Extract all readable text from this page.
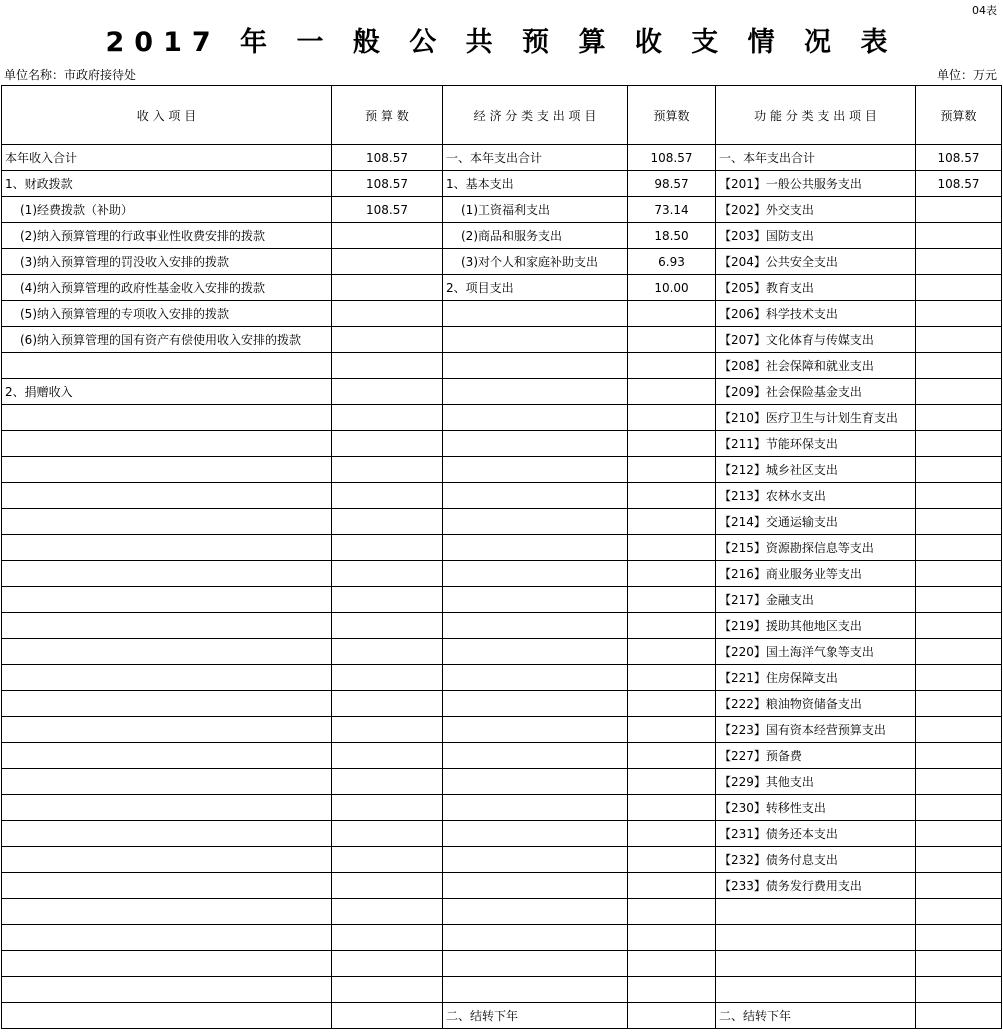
04表
2017 年 一 般 公 共 预 算 收 支 情 况 表
单位名称：市政府接待处	单位：万元
收 入 项 目	预 算 数	经 济 分 类 支 出 项 目	预算数	功 能 分 类 支 出 项 目	预算数
本年收入合计	108.57	一、本年支出合计	108.57	一、本年支出合计	108.57
1、财政拨款	108.57	1、基本支出	98.57	【201】一般公共服务支出	108.57
(1)经费拨款（补助）	108.57	(1)工资福利支出	73.14	【202】外交支出	
(2)纳入预算管理的行政事业性收费安排的拨款		(2)商品和服务支出	18.50	【203】国防支出	
(3)纳入预算管理的罚没收入安排的拨款		(3)对个人和家庭补助支出	6.93	【204】公共安全支出	
(4)纳入预算管理的政府性基金收入安排的拨款		2、项目支出	10.00	【205】教育支出	
(5)纳入预算管理的专项收入安排的拨款				【206】科学技术支出	
(6)纳入预算管理的国有资产有偿使用收入安排的拨款				【207】文化体育与传媒支出	
				【208】社会保障和就业支出	
2、捐赠收入				【209】社会保险基金支出	
				【210】医疗卫生与计划生育支出	
				【211】节能环保支出	
				【212】城乡社区支出	
				【213】农林水支出	
				【214】交通运输支出	
				【215】资源勘探信息等支出	
				【216】商业服务业等支出	
				【217】金融支出	
				【219】援助其他地区支出	
				【220】国土海洋气象等支出	
				【221】住房保障支出	
				【222】粮油物资储备支出	
				【223】国有资本经营预算支出	
				【227】预备费	
				【229】其他支出	
				【230】转移性支出	
				【231】债务还本支出	
				【232】债务付息支出	
				【233】债务发行费用支出	

		二、结转下年		二、结转下年	
